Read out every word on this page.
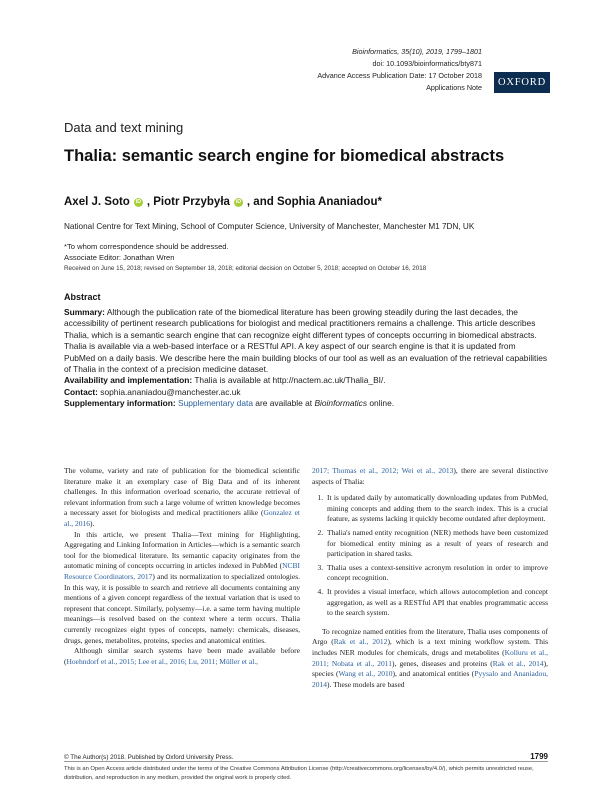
Bioinformatics, 35(10), 2019, 1799–1801
doi: 10.1093/bioinformatics/bty871
Advance Access Publication Date: 17 October 2018
Applications Note	OXFORD
Data and text mining
Thalia: semantic search engine for biomedical abstracts
Axel J. Soto	iD , Piotr Przybyła	iD , and Sophia Ananiadou*
National Centre for Text Mining, School of Computer Science, University of Manchester, Manchester M1 7DN, UK
*To whom correspondence should be addressed.
Associate Editor: Jonathan Wren
Received on June 15, 2018; revised on September 18, 2018; editorial decision on October 5, 2018; accepted on October 16, 2018
Abstract

Summary: Although the publication rate of the biomedical literature has been growing steadily during the last decades, the accessibility of pertinent research publications for biologist and medical practitioners remains a challenge. This article describes Thalia, which is a semantic search engine that can recognize eight different types of concepts occurring in biomedical abstracts. Thalia is available via a web-based interface or a RESTful API. A key aspect of our search engine is that it is updated from PubMed on a daily basis. We describe here the main building blocks of our tool as well as an evaluation of the retrieval capabilities of Thalia in the context of a precision medicine dataset.

Availability and implementation: Thalia is available at http://nactem.ac.uk/Thalia_BI/.

Contact: sophia.ananiadou@manchester.ac.uk

Supplementary information: Supplementary data are available at Bioinformatics online.

The volume, variety and rate of publication for the biomedical scientific literature make it an exemplary case of Big Data and of its inherent challenges. In this information overload scenario, the accurate retrieval of relevant information from such a large volume of written knowledge becomes a necessary asset for biologists and medical practitioners alike (Gonzalez et al., 2016).

In this article, we present Thalia—Text mining for Highlighting, Aggregating and Linking Information in Articles—which is a semantic search tool for the biomedical literature. Its semantic capacity originates from the automatic mining of concepts occurring in articles indexed in PubMed (NCBI Resource Coordinators, 2017) and its normalization to specialized ontologies. In this way, it is possible to search and retrieve all documents containing any mentions of a given concept regardless of the textual variation that is used to represent that concept. Similarly, polysemy—i.e. a same term having multiple meanings—is resolved based on the context where a term occurs. Thalia currently recognizes eight types of concepts, namely: chemicals, diseases, drugs, genes, metabolites, proteins, species and anatomical entities.

Although similar search systems have been made available before (Hoehndorf et al., 2015; Lee et al., 2016; Lu, 2011; Müller et al.,

2017; Thomas et al., 2012; Wei et al., 2013), there are several distinctive aspects of Thalia:

1. It is updated daily by automatically downloading updates from PubMed, mining concepts and adding them to the search index. This is a crucial feature, as systems lacking it quickly become outdated after deployment.
2. Thalia's named entity recognition (NER) methods have been customized for biomedical entity mining as a result of years of research and participation in shared tasks.
3. Thalia uses a context-sensitive acronym resolution in order to improve concept recognition.
4. It provides a visual interface, which allows autocompletion and concept aggregation, as well as a RESTful API that enables programmatic access to the search system.

To recognize named entities from the literature, Thalia uses components of Argo (Rak et al., 2012), which is a text mining workflow system. This includes NER modules for chemicals, drugs and metabolites (Kolluru et al., 2011; Nobata et al., 2011), genes, diseases and proteins (Rak et al., 2014), species (Wang et al., 2010), and anatomical entities (Pyysalo and Ananiadou, 2014). These models are based

© The Author(s) 2018. Published by Oxford University Press.	1799
This is an Open Access article distributed under the terms of the Creative Commons Attribution License (http://creativecommons.org/licenses/by/4.0/), which permits unrestricted reuse, distribution, and reproduction in any medium, provided the original work is properly cited.
